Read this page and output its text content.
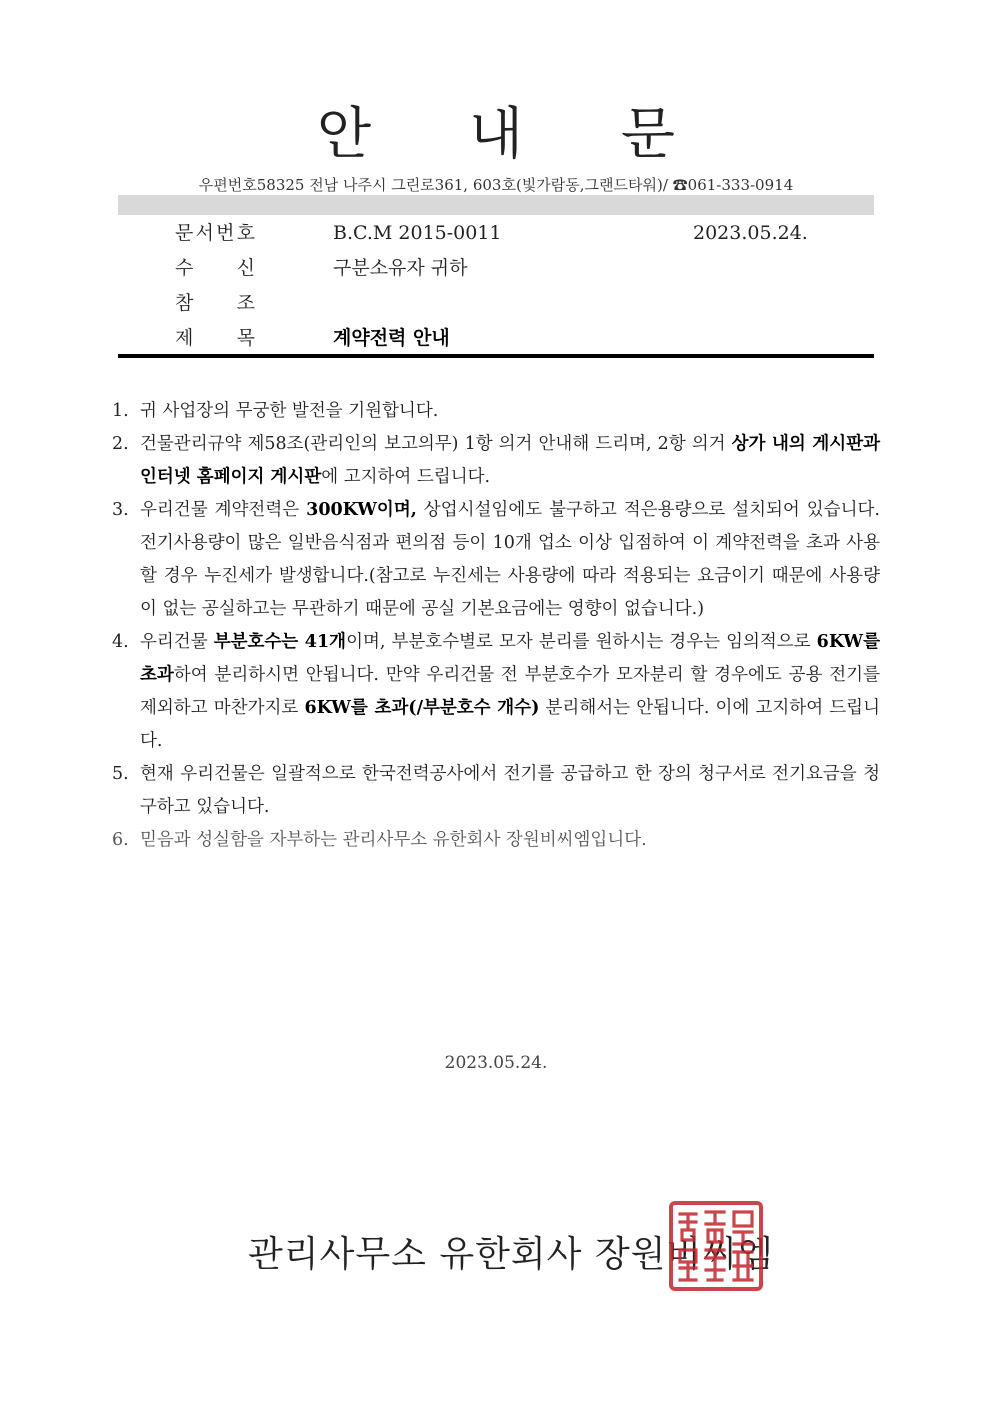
안 내 문
우편번호58325 전남 나주시 그린로361, 603호(빛가람동,그랜드타워)/ ☎061-333-0914
문 서 번 호	B.C.M 2015-0011	2023.05.24.
수 신	구분소유자 귀하
참 조
제 목	계약전력 안내
1. 귀 사업장의 무궁한 발전을 기원합니다.
2. 건물관리규약 제58조(관리인의 보고의무) 1항 의거 안내해 드리며, 2항 의거 상가 내의 게시판과 인터넷 홈페이지 게시판에 고지하여 드립니다.
3. 우리건물 계약전력은 300KW이며, 상업시설임에도 불구하고 적은용량으로 설치되어 있습니다. 전기사용량이 많은 일반음식점과 편의점 등이 10개 업소 이상 입점하여 이 계약전력을 초과 사용할 경우 누진세가 발생합니다.(참고로 누진세는 사용량에 따라 적용되는 요금이기 때문에 사용량이 없는 공실하고는 무관하기 때문에 공실 기본요금에는 영향이 없습니다.)
4. 우리건물 부분호수는 41개이며, 부분호수별로 모자 분리를 원하시는 경우는 임의적으로 6KW를 초과하여 분리하시면 안됩니다. 만약 우리건물 전 부분호수가 모자분리 할 경우에도 공용 전기를 제외하고 마찬가지로 6KW를 초과(/부분호수 개수) 분리해서는 안됩니다. 이에 고지하여 드립니다.
5. 현재 우리건물은 일괄적으로 한국전력공사에서 전기를 공급하고 한 장의 청구서로 전기요금을 청구하고 있습니다.
6. 믿음과 성실함을 자부하는 관리사무소 유한회사 장원비씨엠입니다.
2023.05.24.
관리사무소 유한회사 장원비씨엠
